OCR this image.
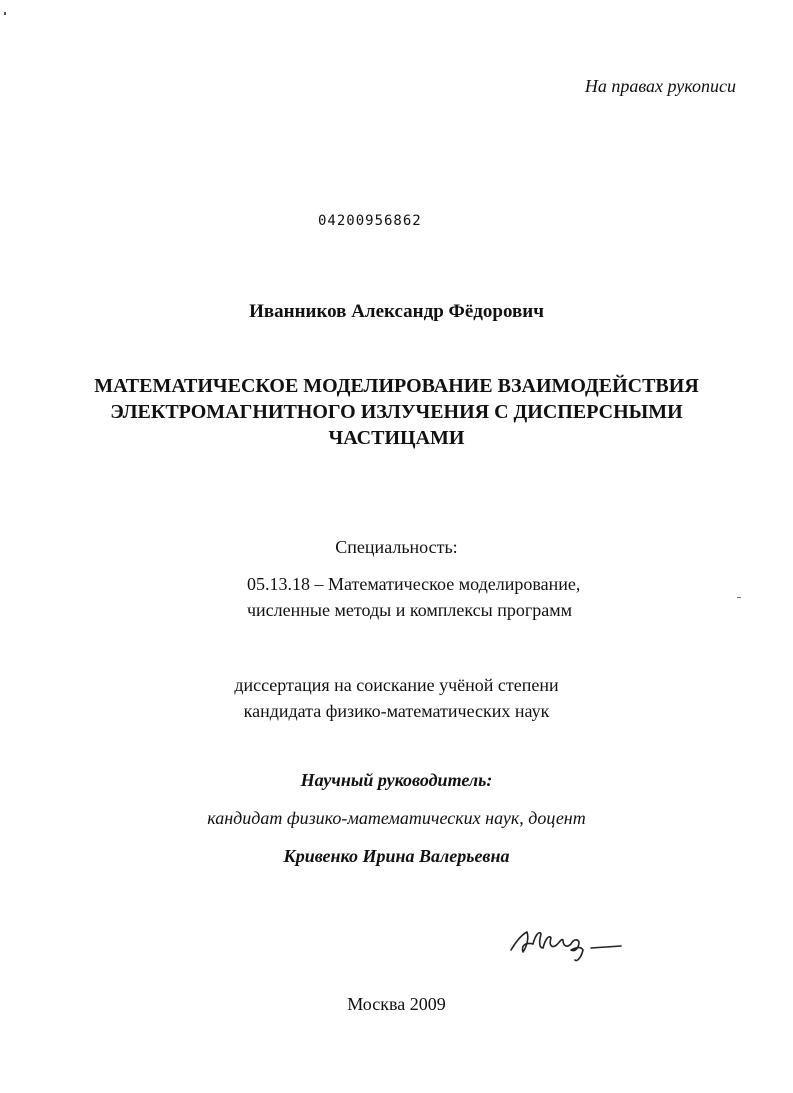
На правах рукописи
04200956862
Иванников Александр Фёдорович
МАТЕМАТИЧЕСКОЕ МОДЕЛИРОВАНИЕ ВЗАИМОДЕЙСТВИЯ
ЭЛЕКТРОМАГНИТНОГО ИЗЛУЧЕНИЯ С ДИСПЕРСНЫМИ
ЧАСТИЦАМИ
Специальность:
05.13.18 – Математическое моделирование,
численные методы и комплексы программ
диссертация на соискание учёной степени
кандидата физико-математических наук
Научный руководитель:
кандидат физико-математических наук, доцент
Кривенко Ирина Валерьевна
Москва 2009
